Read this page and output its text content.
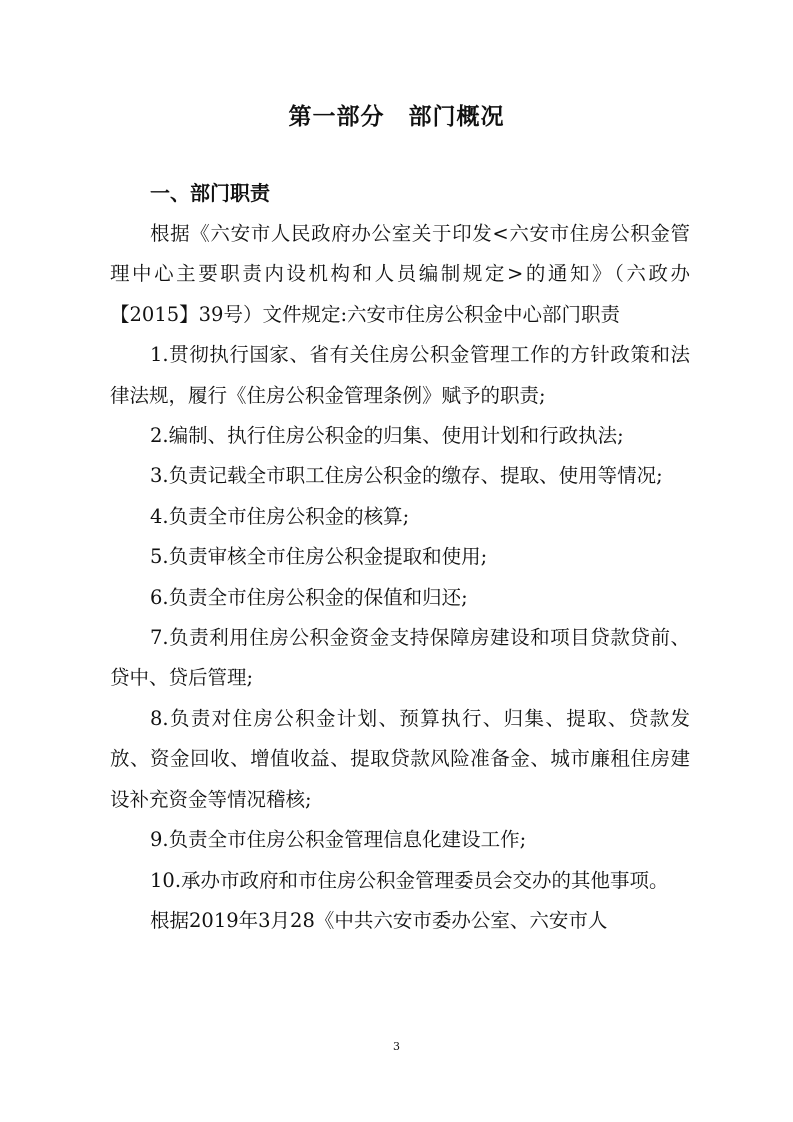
第一部分　部门概况
一、部门职责

根据《六安市人民政府办公室关于印发<六安市住房公积金管理中心主要职责内设机构和人员编制规定>的通知》（六政办【2015】39号）文件规定:六安市住房公积金中心部门职责

1.贯彻执行国家、省有关住房公积金管理工作的方针政策和法律法规，履行《住房公积金管理条例》赋予的职责;

2.编制、执行住房公积金的归集、使用计划和行政执法;

3.负责记载全市职工住房公积金的缴存、提取、使用等情况;

4.负责全市住房公积金的核算;

5.负责审核全市住房公积金提取和使用;

6.负责全市住房公积金的保值和归还;

7.负责利用住房公积金资金支持保障房建设和项目贷款贷前、贷中、贷后管理;

8.负责对住房公积金计划、预算执行、归集、提取、贷款发放、资金回收、增值收益、提取贷款风险准备金、城市廉租住房建设补充资金等情况稽核;

9.负责全市住房公积金管理信息化建设工作;

10.承办市政府和市住房公积金管理委员会交办的其他事项。

根据2019年3月28《中共六安市委办公室、六安市人

3
